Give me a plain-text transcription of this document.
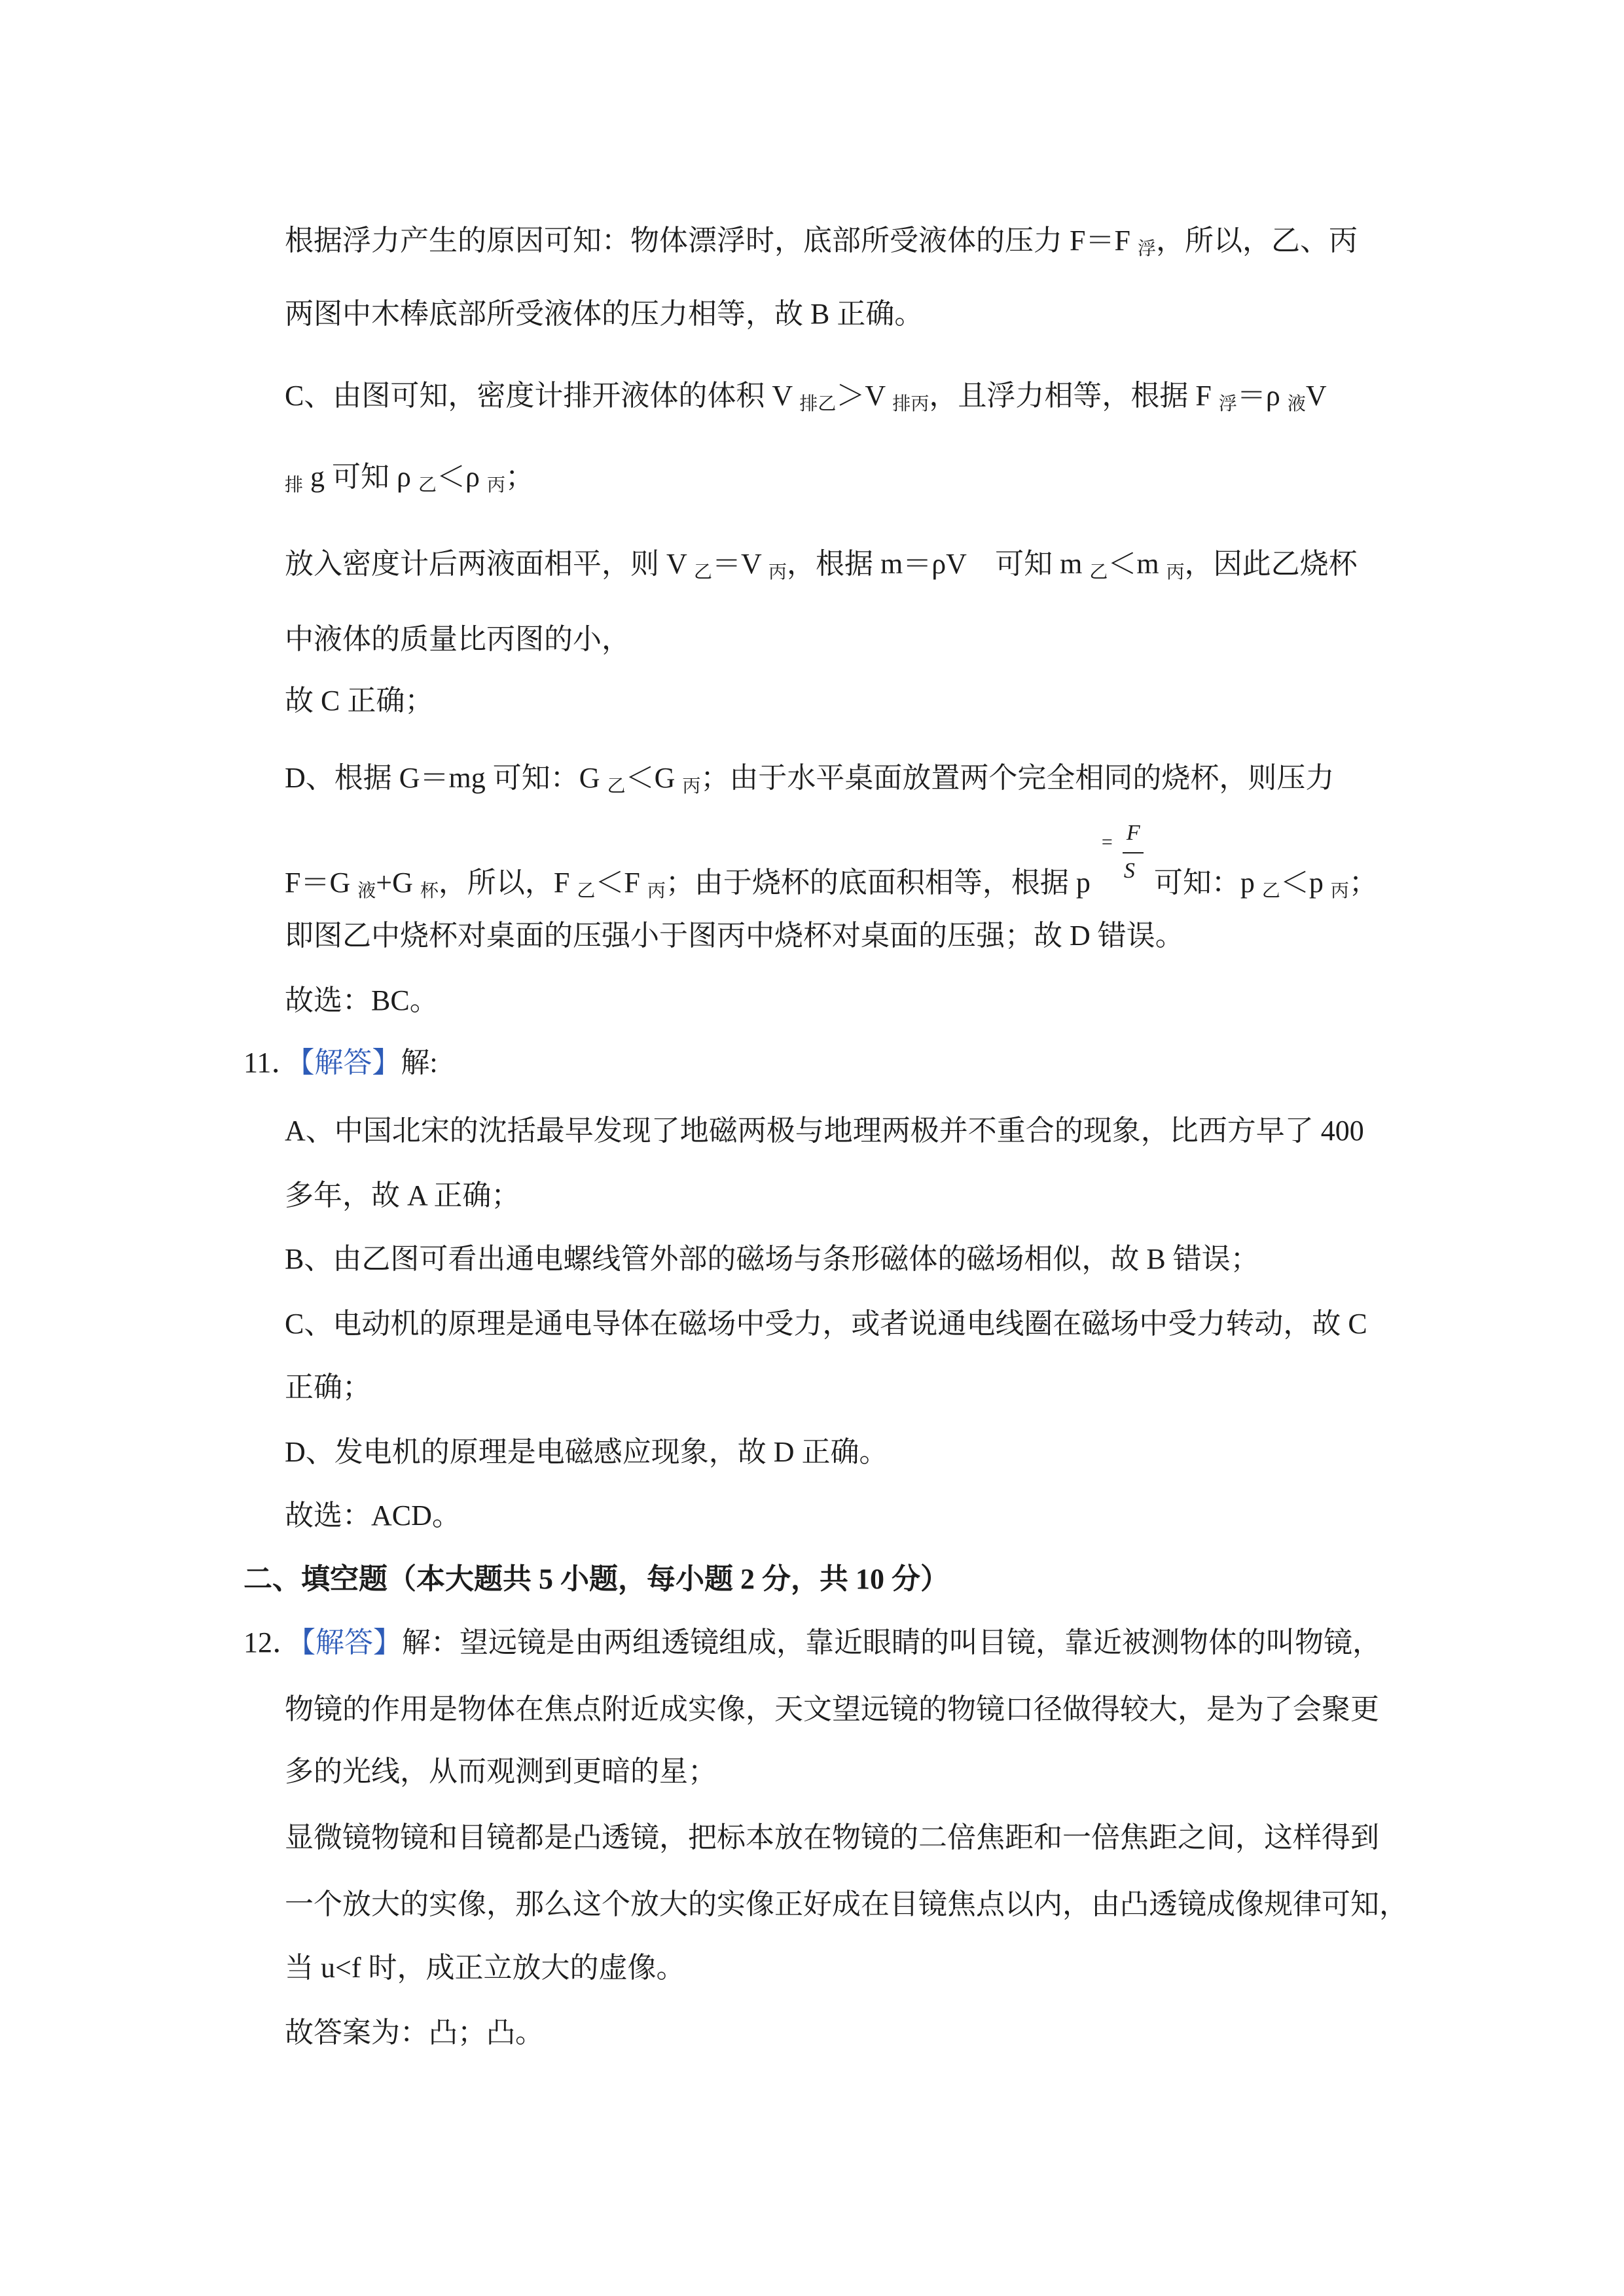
根据浮力产生的原因可知：物体漂浮时，底部所受液体的压力 F＝F 浮，所以，乙、丙
两图中木棒底部所受液体的压力相等，故 B 正确。
C、由图可知，密度计排开液体的体积 V 排乙＞V 排丙，且浮力相等，根据 F 浮＝ρ 液V
排 g 可知 ρ 乙＜ρ 丙；
放入密度计后两液面相平，则 V 乙＝V 丙，根据 m＝ρV　可知 m 乙＜m 丙，因此乙烧杯
中液体的质量比丙图的小，
故 C 正确；
D、根据 G＝mg 可知：G 乙＜G 丙；由于水平桌面放置两个完全相同的烧杯，则压力
F＝G 液+G 杯，所以，F 乙＜F 丙；由于烧杯的底面积相等，根据 p
= F
S 可知：p 乙＜p 丙；
即图乙中烧杯对桌面的压强小于图丙中烧杯对桌面的压强；故 D 错误。
故选：BC。
11．【解答】解:
A、中国北宋的沈括最早发现了地磁两极与地理两极并不重合的现象，比西方早了 400
多年，故 A 正确；
B、由乙图可看出通电螺线管外部的磁场与条形磁体的磁场相似，故 B 错误；
C、电动机的原理是通电导体在磁场中受力，或者说通电线圈在磁场中受力转动，故 C
正确；
D、发电机的原理是电磁感应现象，故 D 正确。
故选：ACD。
二、填空题（本大题共 5 小题，每小题 2 分，共 10 分）
12．【解答】解：望远镜是由两组透镜组成，靠近眼睛的叫目镜，靠近被测物体的叫物镜，
物镜的作用是物体在焦点附近成实像，天文望远镜的物镜口径做得较大，是为了会聚更
多的光线，从而观测到更暗的星；
显微镜物镜和目镜都是凸透镜，把标本放在物镜的二倍焦距和一倍焦距之间，这样得到
一个放大的实像，那么这个放大的实像正好成在目镜焦点以内，由凸透镜成像规律可知，
当 u<f 时，成正立放大的虚像。
故答案为：凸；凸。
